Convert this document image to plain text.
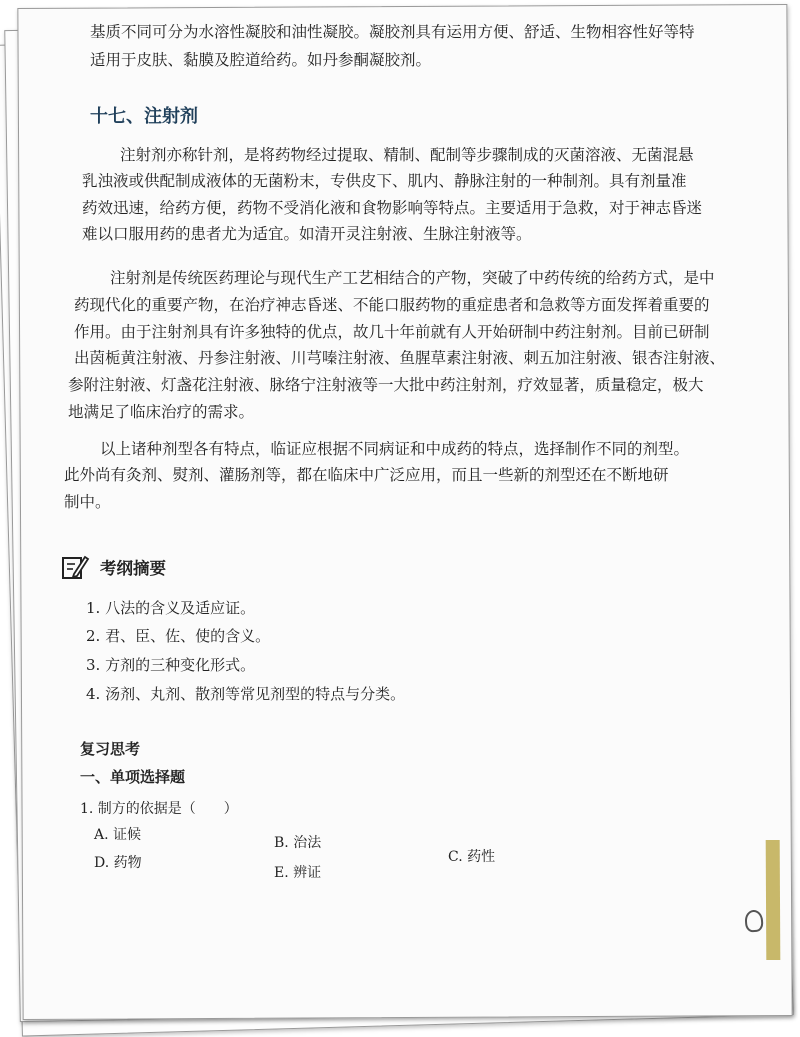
基质不同可分为水溶性凝胶和油性凝胶。凝胶剂具有运用方便、舒适、生物相容性好等特
适用于皮肤、黏膜及腔道给药。如丹参酮凝胶剂。
十七、注射剂
注射剂亦称针剂，是将药物经过提取、精制、配制等步骤制成的灭菌溶液、无菌混悬
乳浊液或供配制成液体的无菌粉末，专供皮下、肌内、静脉注射的一种制剂。具有剂量准
药效迅速，给药方便，药物不受消化液和食物影响等特点。主要适用于急救，对于神志昏迷
难以口服用药的患者尤为适宜。如清开灵注射液、生脉注射液等。
注射剂是传统医药理论与现代生产工艺相结合的产物，突破了中药传统的给药方式，是中
药现代化的重要产物，在治疗神志昏迷、不能口服药物的重症患者和急救等方面发挥着重要的
作用。由于注射剂具有许多独特的优点，故几十年前就有人开始研制中药注射剂。目前已研制
出茵栀黄注射液、丹参注射液、川芎嗪注射液、鱼腥草素注射液、刺五加注射液、银杏注射液、
参附注射液、灯盏花注射液、脉络宁注射液等一大批中药注射剂，疗效显著，质量稳定，极大
地满足了临床治疗的需求。
以上诸种剂型各有特点，临证应根据不同病证和中成药的特点，选择制作不同的剂型。
此外尚有灸剂、熨剂、灌肠剂等，都在临床中广泛应用，而且一些新的剂型还在不断地研
制中。
考纲摘要
1. 八法的含义及适应证。
2. 君、臣、佐、使的含义。
3. 方剂的三种变化形式。
4. 汤剂、丸剂、散剂等常见剂型的特点与分类。
复习思考
一、单项选择题
1. 制方的依据是（　　）
A. 证候	B. 治法
C. 药性
D. 药物
E. 辨证
